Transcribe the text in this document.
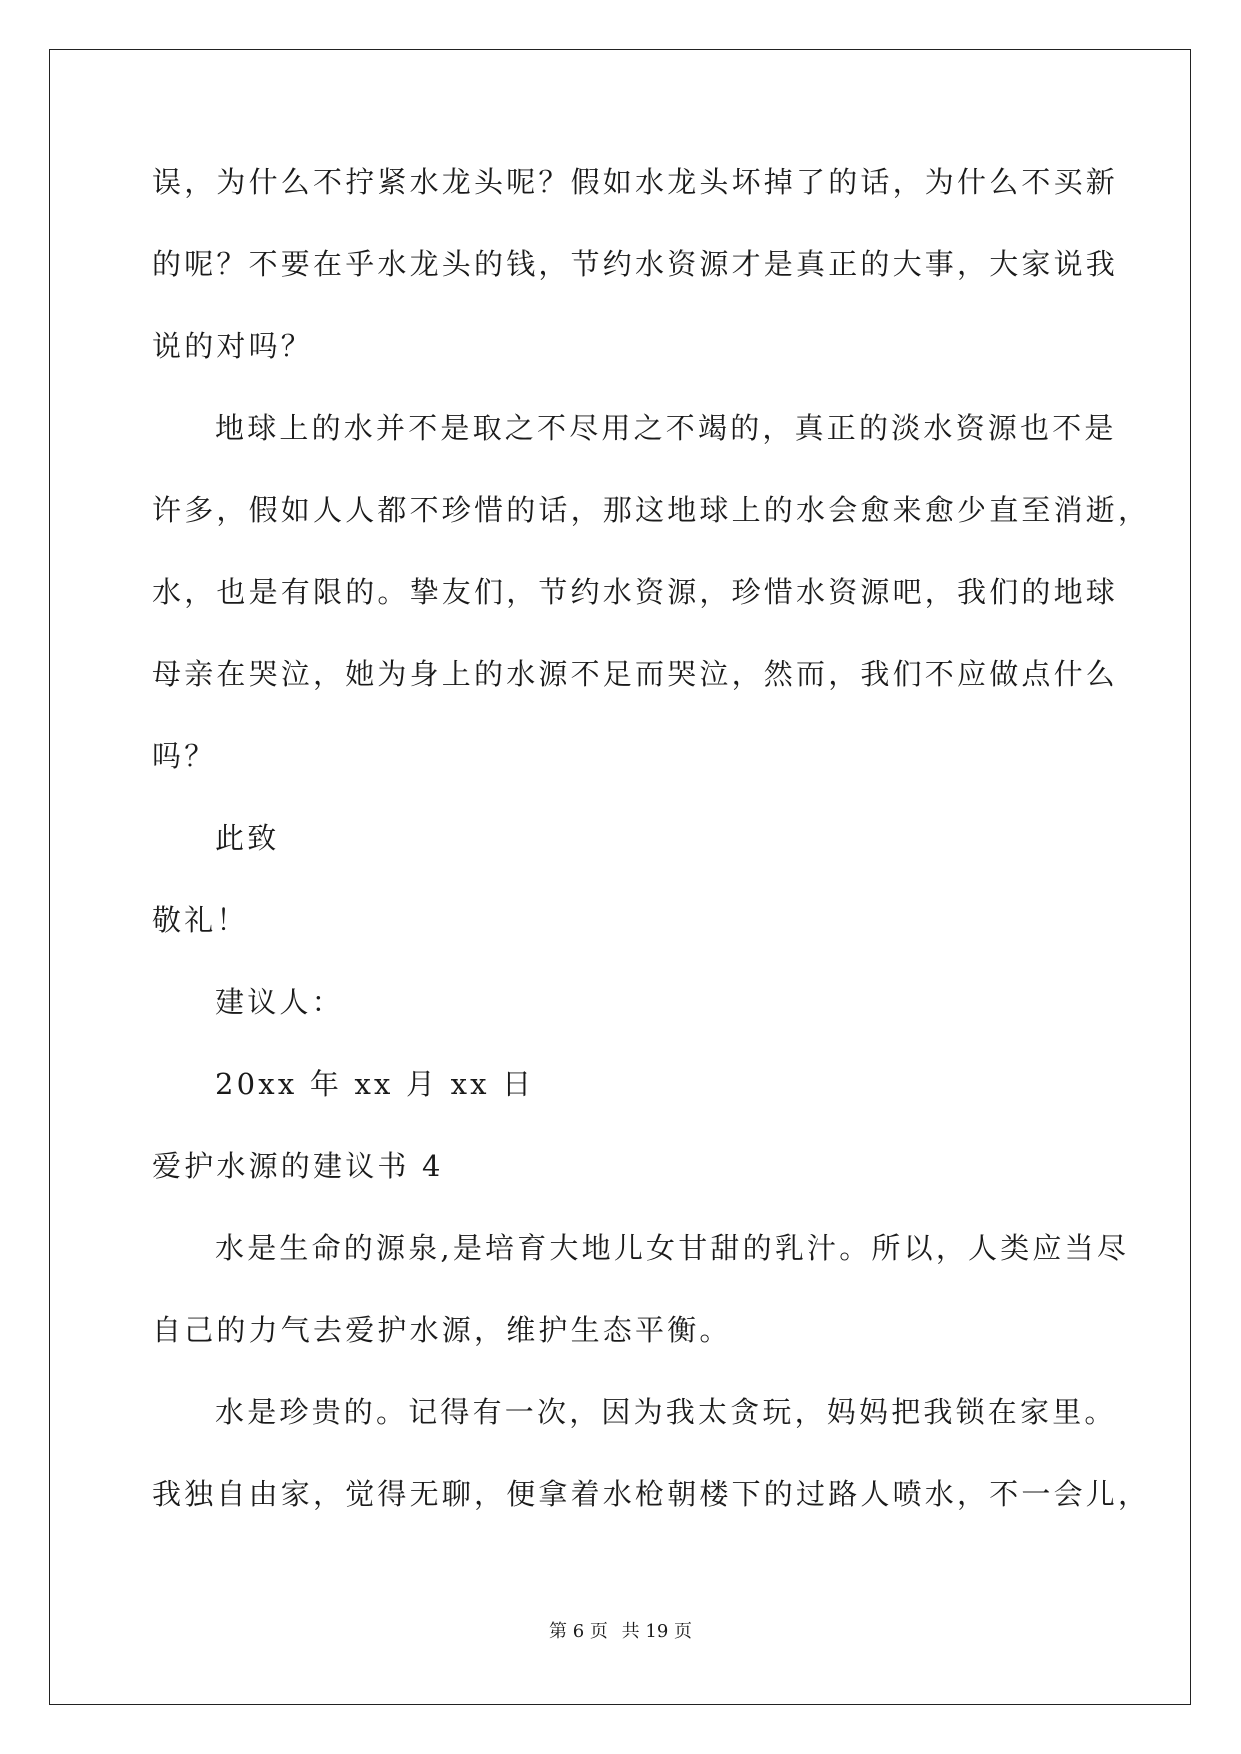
误，为什么不拧紧水龙头呢？假如水龙头坏掉了的话，为什么不买新
的呢？不要在乎水龙头的钱，节约水资源才是真正的大事，大家说我
说的对吗？
地球上的水并不是取之不尽用之不竭的，真正的淡水资源也不是
许多，假如人人都不珍惜的话，那这地球上的水会愈来愈少直至消逝，
水，也是有限的。挚友们，节约水资源，珍惜水资源吧，我们的地球
母亲在哭泣，她为身上的水源不足而哭泣，然而，我们不应做点什么
吗？
此致
敬礼！
建议人：
20xx 年 xx 月 xx 日
爱护水源的建议书 4
水是生命的源泉,是培育大地儿女甘甜的乳汁。所以，人类应当尽
自己的力气去爱护水源，维护生态平衡。
水是珍贵的。记得有一次，因为我太贪玩，妈妈把我锁在家里。
我独自由家，觉得无聊，便拿着水枪朝楼下的过路人喷水，不一会儿，
第 6 页 共 19 页
